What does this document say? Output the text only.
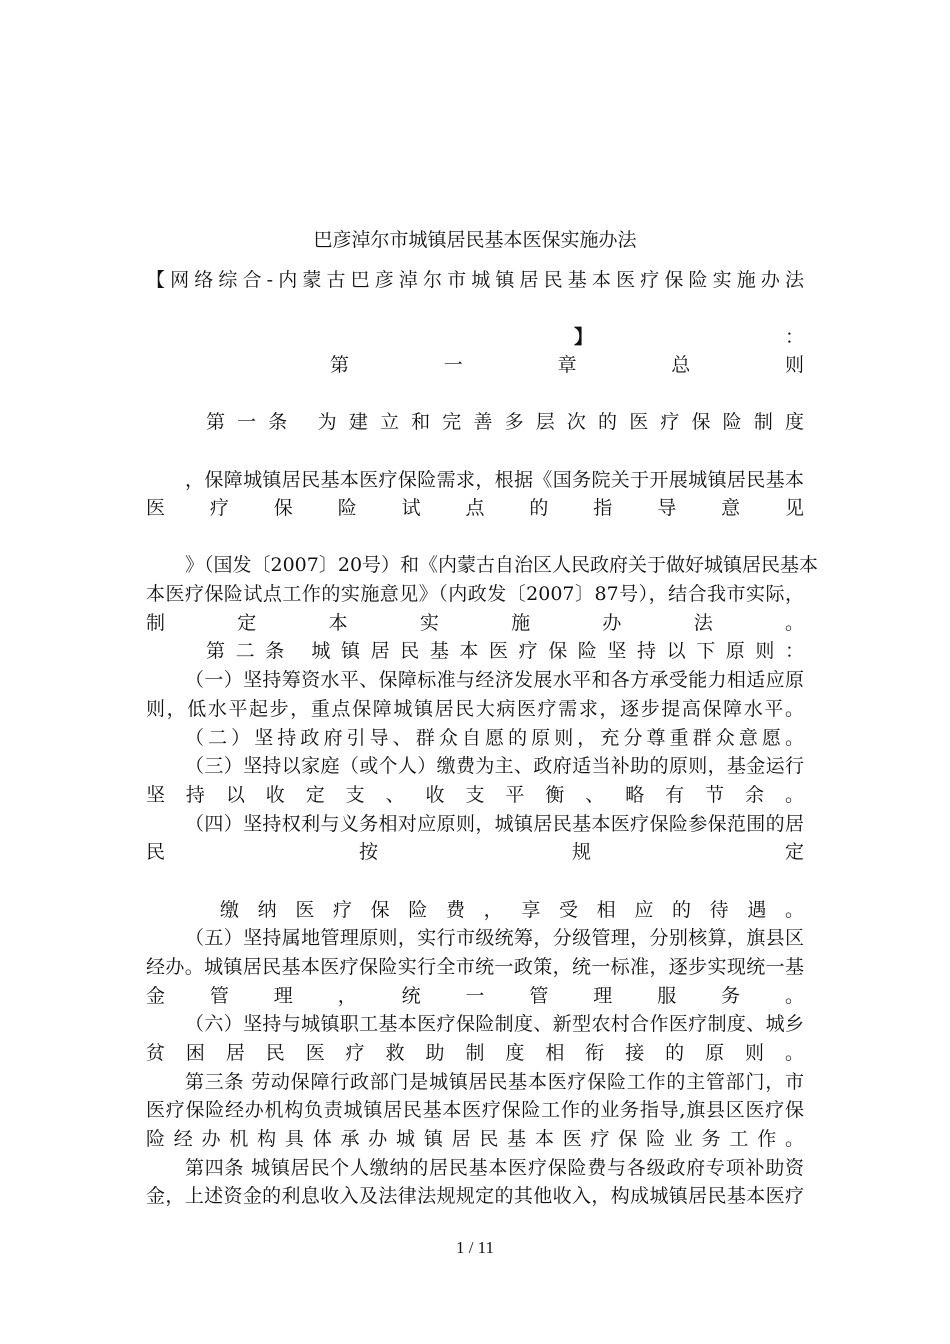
巴彦淖尔市城镇居民基本医保实施办法
【网络综合-内蒙古巴彦淖尔市城镇居民基本医疗保险实施办法
】	：
第一章总则
第一条 为建立和完善多层次的医疗保险制度
，保障城镇居民基本医疗保险需求，根据《国务院关于开展城镇居民基本
医疗保险试点的指导意见
》（国发〔2007〕20号）和《内蒙古自治区人民政府关于做好城镇居民基本
本医疗保险试点工作的实施意见》（内政发〔2007〕87号），结合我市实际，
制定本实施办法。
第二条 城镇居民基本医疗保险坚持以下原则：
（一）坚持筹资水平、保障标准与经济发展水平和各方承受能力相适应原
则，低水平起步，重点保障城镇居民大病医疗需求，逐步提高保障水平。
（二）坚持政府引导、群众自愿的原则，充分尊重群众意愿。
（三）坚持以家庭（或个人）缴费为主、政府适当补助的原则，基金运行
坚持以收定支、收支平衡、略有节余。
（四）坚持权利与义务相对应原则，城镇居民基本医疗保险参保范围的居
民按规定
缴纳医疗保险费，享受相应的待遇。
（五）坚持属地管理原则，实行市级统筹，分级管理，分别核算，旗县区
经办。城镇居民基本医疗保险实行全市统一政策，统一标准，逐步实现统一基
金管理，统一管理服务。
（六）坚持与城镇职工基本医疗保险制度、新型农村合作医疗制度、城乡
贫困居民医疗救助制度相衔接的原则。
第三条 劳动保障行政部门是城镇居民基本医疗保险工作的主管部门，市
医疗保险经办机构负责城镇居民基本医疗保险工作的业务指导,旗县区医疗保
险经办机构具体承办城镇居民基本医疗保险业务工作。
第四条 城镇居民个人缴纳的居民基本医疗保险费与各级政府专项补助资
金，上述资金的利息收入及法律法规规定的其他收入，构成城镇居民基本医疗
1 / 11
